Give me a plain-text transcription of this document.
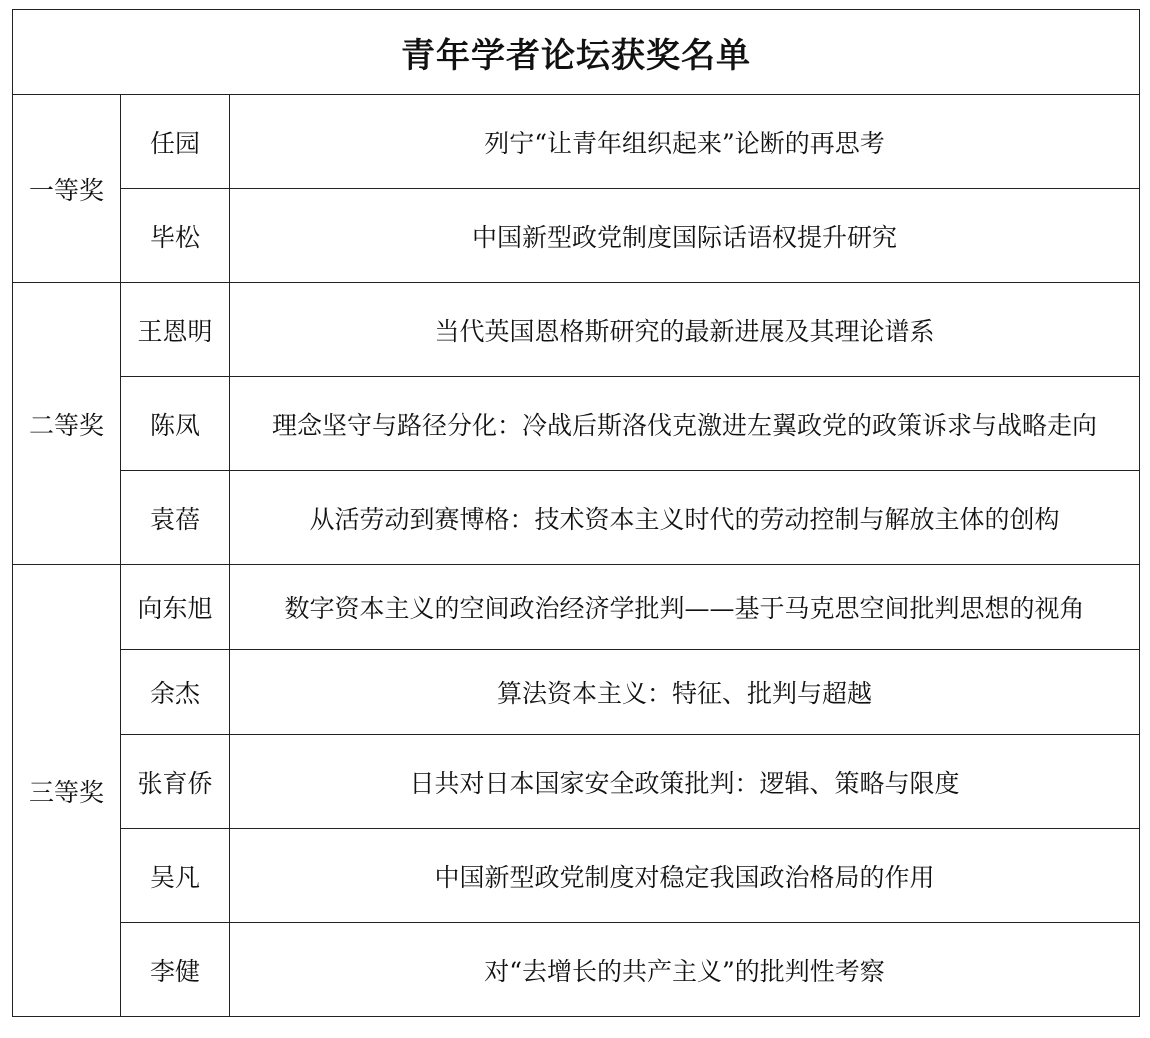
青年学者论坛获奖名单		
一等奖	任园	列宁“让青年组织起来”论断的再思考
	毕松	中国新型政党制度国际话语权提升研究
二等奖	王恩明	当代英国恩格斯研究的最新进展及其理论谱系
	陈凤	理念坚守与路径分化：冷战后斯洛伐克激进左翼政党的政策诉求与战略走向
	袁蓓	从活劳动到赛博格：技术资本主义时代的劳动控制与解放主体的创构
三等奖	向东旭	数字资本主义的空间政治经济学批判——基于马克思空间批判思想的视角
	余杰	算法资本主义：特征、批判与超越
	张育侨	日共对日本国家安全政策批判：逻辑、策略与限度
	吴凡	中国新型政党制度对稳定我国政治格局的作用
	李健	对“去增长的共产主义”的批判性考察
